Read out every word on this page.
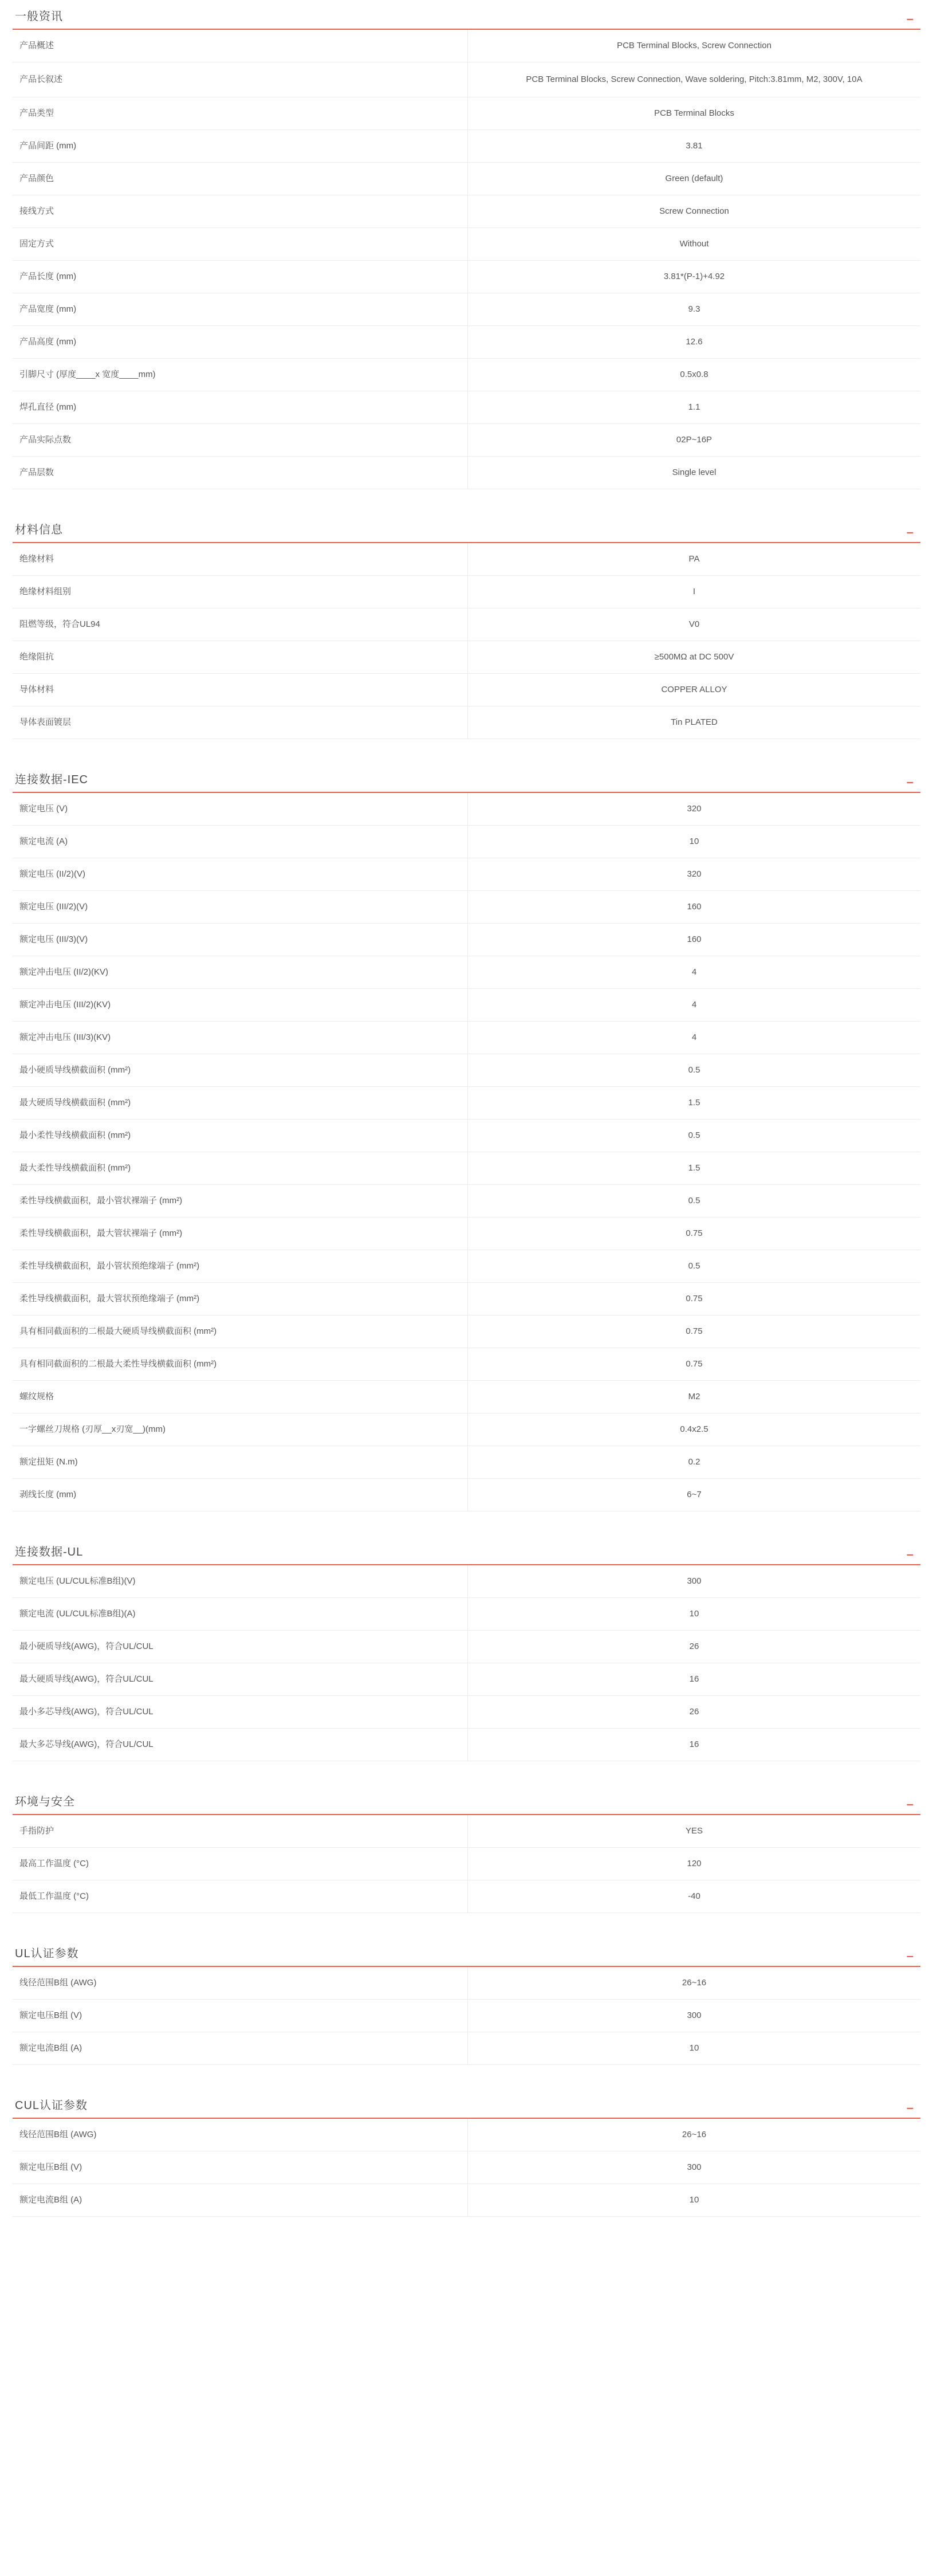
一般资讯	–
产品概述	PCB Terminal Blocks, Screw Connection
产品长叙述	PCB Terminal Blocks, Screw Connection, Wave soldering, Pitch:3.81mm, M2, 300V, 10A
产品类型	PCB Terminal Blocks
产品间距 (mm)	3.81
产品颜色	Green (default)
接线方式	Screw Connection
固定方式	Without
产品长度 (mm)	3.81*(P-1)+4.92
产品宽度 (mm)	9.3
产品高度 (mm)	12.6
引脚尺寸 (厚度____x 宽度____mm)	0.5x0.8
焊孔直径 (mm)	1.1
产品实际点数	02P~16P
产品层数	Single level
材料信息	–
绝缘材料	PA
绝缘材料组别	I
阻燃等级，符合UL94	V0
绝缘阻抗	≥500MΩ at DC 500V
导体材料	COPPER ALLOY
导体表面镀层	Tin PLATED
连接数据-IEC	–
额定电压 (V)	320
额定电流 (A)	10
额定电压 (II/2)(V)	320
额定电压 (III/2)(V)	160
额定电压 (III/3)(V)	160
额定冲击电压 (II/2)(KV)	4
额定冲击电压 (III/2)(KV)	4
额定冲击电压 (III/3)(KV)	4
最小硬质导线横截面积 (mm²)	0.5
最大硬质导线横截面积 (mm²)	1.5
最小柔性导线横截面积 (mm²)	0.5
最大柔性导线横截面积 (mm²)	1.5
柔性导线横截面积，最小管状裸端子 (mm²)	0.5
柔性导线横截面积，最大管状裸端子 (mm²)	0.75
柔性导线横截面积，最小管状预绝缘端子 (mm²)	0.5
柔性导线横截面积，最大管状预绝缘端子 (mm²)	0.75
具有相同截面积的二根最大硬质导线横截面积 (mm²)	0.75
具有相同截面积的二根最大柔性导线横截面积 (mm²)	0.75
螺纹规格	M2
一字螺丝刀规格 (刃厚__x刃宽__)(mm)	0.4x2.5
额定扭矩 (N.m)	0.2
剥线长度 (mm)	6~7
连接数据-UL	–
额定电压 (UL/CUL标准B组)(V)	300
额定电流 (UL/CUL标准B组)(A)	10
最小硬质导线(AWG)，符合UL/CUL	26
最大硬质导线(AWG)，符合UL/CUL	16
最小多芯导线(AWG)，符合UL/CUL	26
最大多芯导线(AWG)，符合UL/CUL	16
环境与安全	–
手指防护	YES
最高工作温度 (°C)	120
最低工作温度 (°C)	-40
UL认证参数	–
线径范围B组 (AWG)	26~16
额定电压B组 (V)	300
额定电流B组 (A)	10
CUL认证参数	–
线径范围B组 (AWG)	26~16
额定电压B组 (V)	300
额定电流B组 (A)	10
